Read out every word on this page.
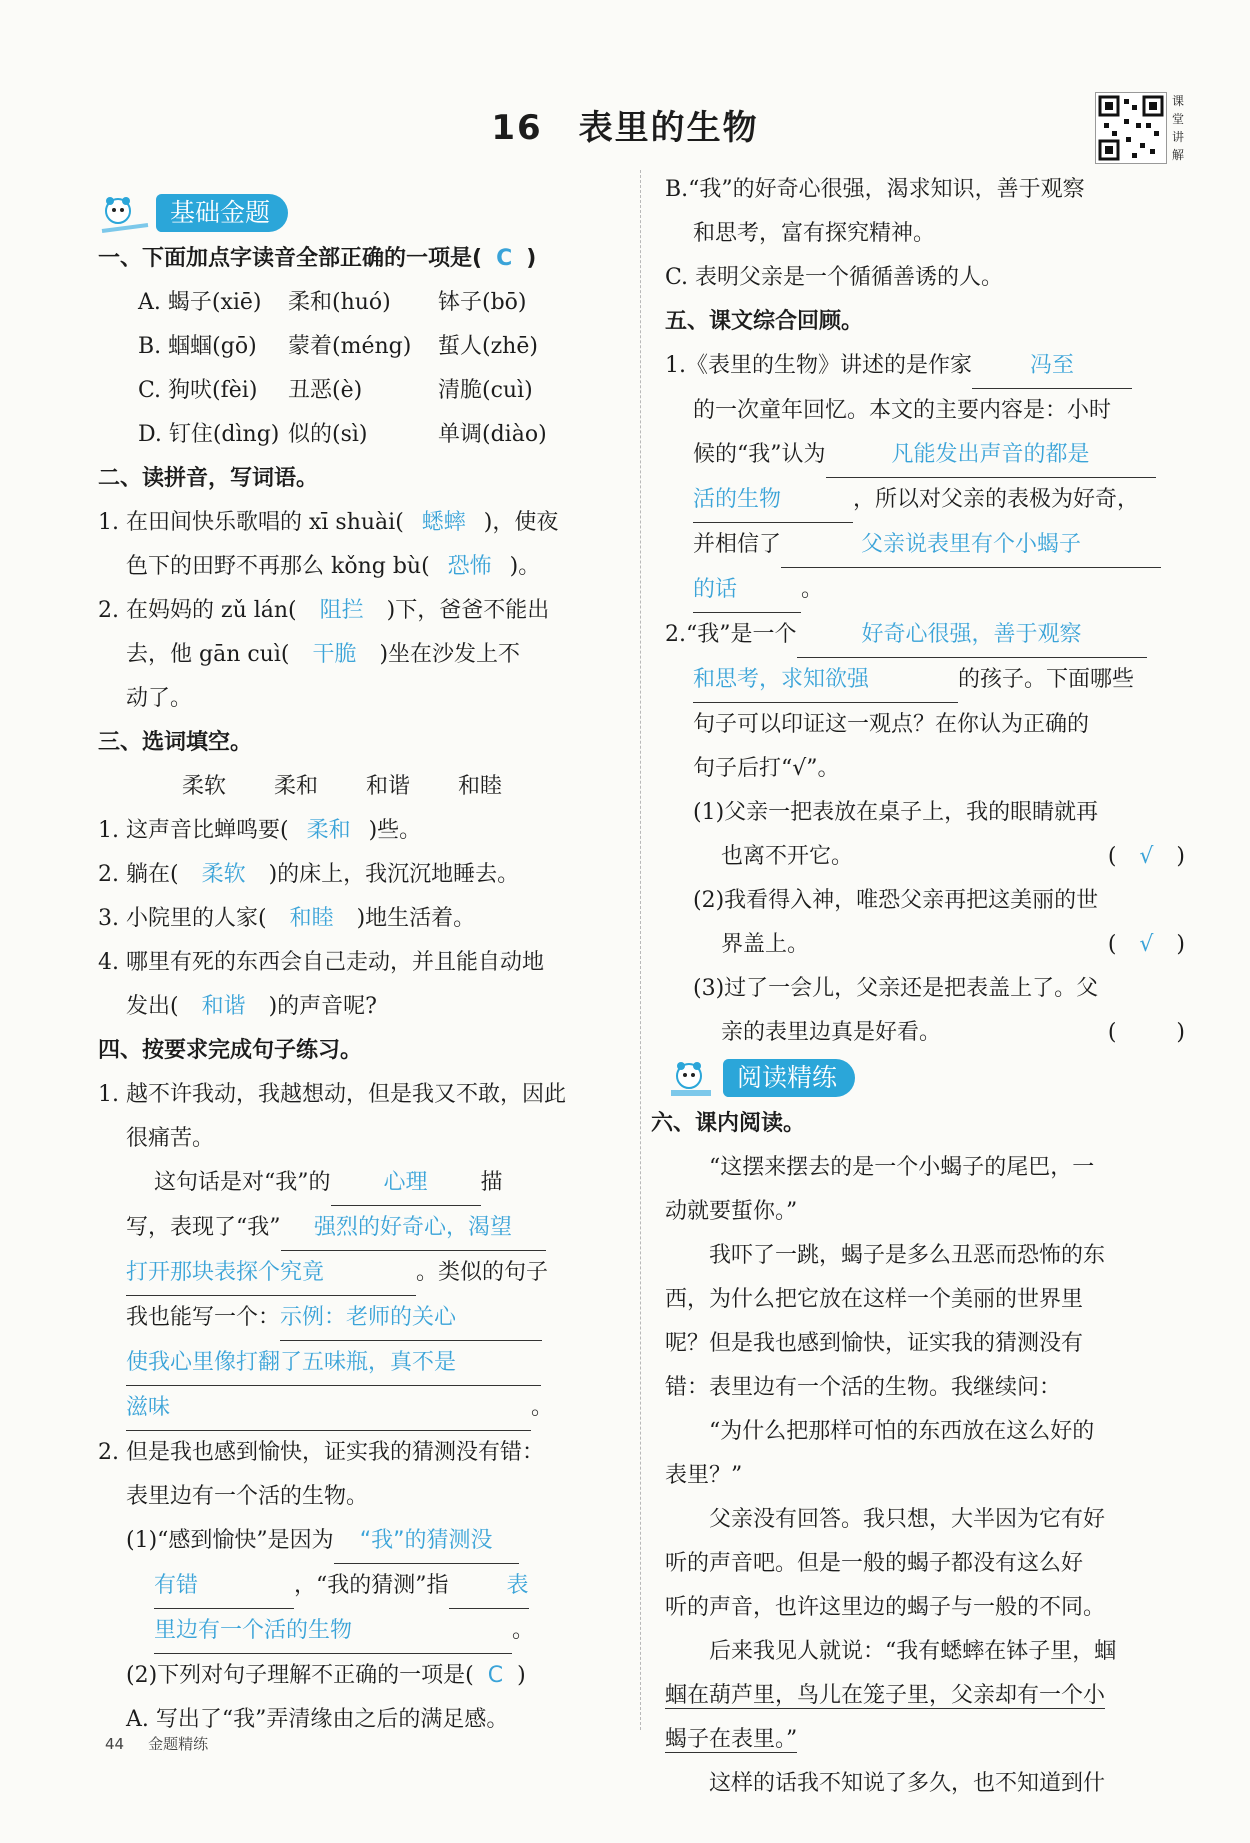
16 表里的生物
课堂讲解
基础金题
一、下面加点字读音全部正确的一项是( C )
A. 蝎子(xiē) 柔和(huó) 钵子(bō)
B. 蝈蝈(gō) 蒙着(méng) 蜇人(zhē)
C. 狗吠(fèi) 丑恶(è)	清脆(cuì)
D. 钉住(dìng) 似的(sì)	单调(diào)
二、读拼音，写词语。
1. 在田间快乐歌唱的 xī shuài( 蟋蟀 )，使夜
色下的田野不再那么 kǒng bù( 恐怖 )。
2. 在妈妈的 zǔ lán( 阻拦 )下，爸爸不能出
去，他 gān cuì( 干脆 )坐在沙发上不
动了。
三、选词填空。
柔软 柔和 和谐 和睦
1. 这声音比蝉鸣要( 柔和 )些。
2. 躺在( 柔软 )的床上，我沉沉地睡去。
3. 小院里的人家( 和睦 )地生活着。
4. 哪里有死的东西会自己走动，并且能自动地
发出( 和谐 )的声音呢?
四、按要求完成句子练习。
1. 越不许我动，我越想动，但是我又不敢，因此
很痛苦。
这句话是对“我”的 心理 描
写，表现了“我” 强烈的好奇心，渴望
打开那块表探个究竟	。类似的句子
我也能写一个：示例：老师的关心
使我心里像打翻了五味瓶，真不是
滋味	。
2. 但是我也感到愉快，证实我的猜测没有错：
表里边有一个活的生物。
(1)“感到愉快”是因为 “我”的猜测没
有错	，“我的猜测”指	表
里边有一个活的生物	。
(2)下列对句子理解不正确的一项是( C )
A. 写出了“我”弄清缘由之后的满足感。
B.“我”的好奇心很强，渴求知识，善于观察
和思考，富有探究精神。
C. 表明父亲是一个循循善诱的人。
五、课文综合回顾。
1.《表里的生物》讲述的是作家	冯至
的一次童年回忆。本文的主要内容是：小时
候的“我”认为	凡能发出声音的都是
活的生物	，所以对父亲的表极为好奇，
并相信了	父亲说表里有个小蝎子
的话	。
2.“我”是一个	好奇心很强，善于观察
和思考，求知欲强	的孩子。下面哪些
句子可以印证这一观点？在你认为正确的
句子后打“√”。
(1)父亲一把表放在桌子上，我的眼睛就再
也离不开它。	( √ )
(2)我看得入神，唯恐父亲再把这美丽的世
界盖上。	( √ )
(3)过了一会儿，父亲还是把表盖上了。父
亲的表里边真是好看。	(	)
阅读精练
六、课内阅读。
“这摆来摆去的是一个小蝎子的尾巴，一
动就要蜇你。”
我吓了一跳，蝎子是多么丑恶而恐怖的东
西，为什么把它放在这样一个美丽的世界里
呢？但是我也感到愉快，证实我的猜测没有
错：表里边有一个活的生物。我继续问：
“为什么把那样可怕的东西放在这么好的
表里？”
父亲没有回答。我只想，大半因为它有好
听的声音吧。但是一般的蝎子都没有这么好
听的声音，也许这里边的蝎子与一般的不同。
后来我见人就说：“我有蟋蟀在钵子里，蝈
蝈在葫芦里，鸟儿在笼子里，父亲却有一个小
蝎子在表里。”
这样的话我不知说了多久，也不知道到什
44 金题精练
